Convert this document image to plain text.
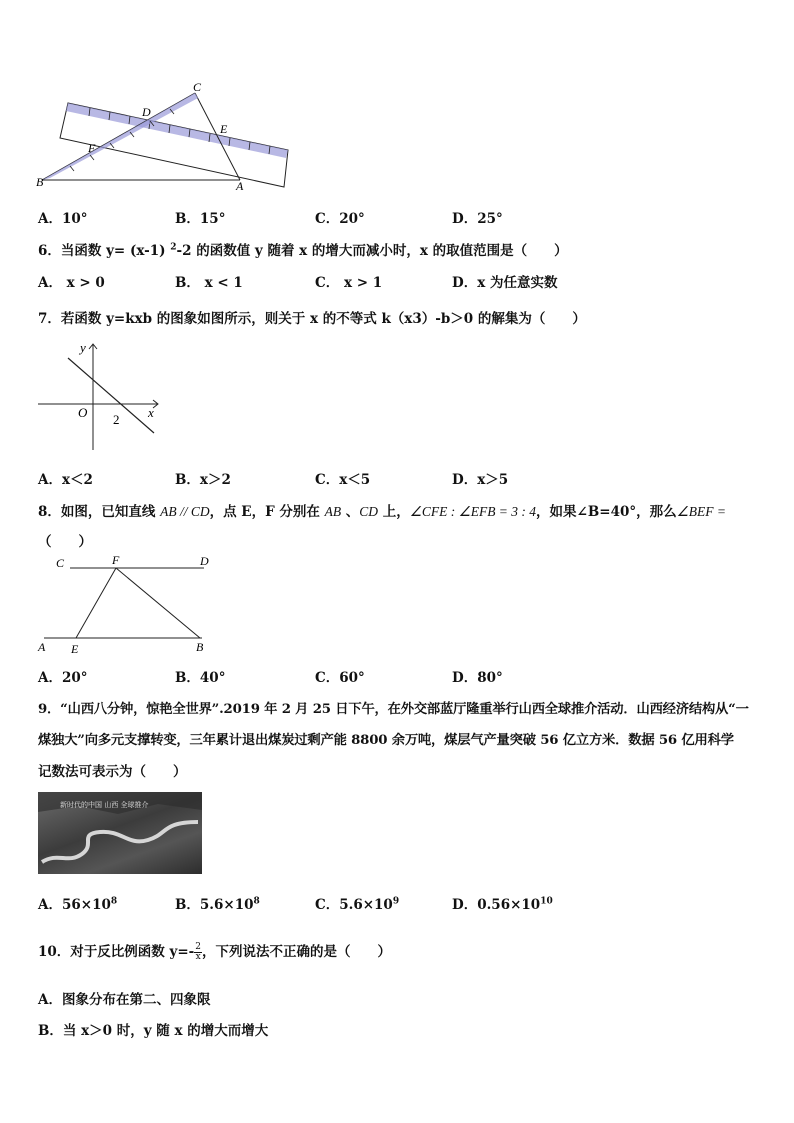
C
D
E
F
B	A
A．10°	B．15°	C．20°	D．25°
6．当函数 y= (x-1) $^2$-2 的函数值 y 随着 x 的增大而减小时，x 的取值范围是（　　）
A． x > 0	B． x < 1	C． x > 1	D．x 为任意实数
7．若函数 y=kxb 的图象如图所示，则关于 x 的不等式 k（x3）-b＞0 的解集为（　　）
y
x
O 2
A．x＜2	B．x＞2	C．x＜5	D．x＞5
8．如图，已知直线 AB // CD，点 E，F 分别在 AB 、CD 上，∠CFE : ∠EFB = 3 : 4，如果∠B=40°，那么∠BEF =
（　　）
C	F	D
A E	B
A．20°	B．40°	C．60°	D．80°
9．“山西八分钟，惊艳全世界”.2019 年 2 月 25 日下午，在外交部蓝厅隆重举行山西全球推介活动．山西经济结构从“一
煤独大”向多元支撑转变，三年累计退出煤炭过剩产能 8800 余万吨，煤层气产量突破 56 亿立方米．数据 56 亿用科学
记数法可表示为（　　）
新时代的中国 山西 全球推介
A．$56\times 10^8$	B．$5.6\times 10^8$	C．$5.6\times 10^9$	D．$0.56\times 10^{10}$
10．对于反比例函数 $y=- \frac{2}{x}$ ，下列说法不正确的是（　　）
A．图象分布在第二、四象限
B．当 x＞0 时，y 随 x 的增大而增大
